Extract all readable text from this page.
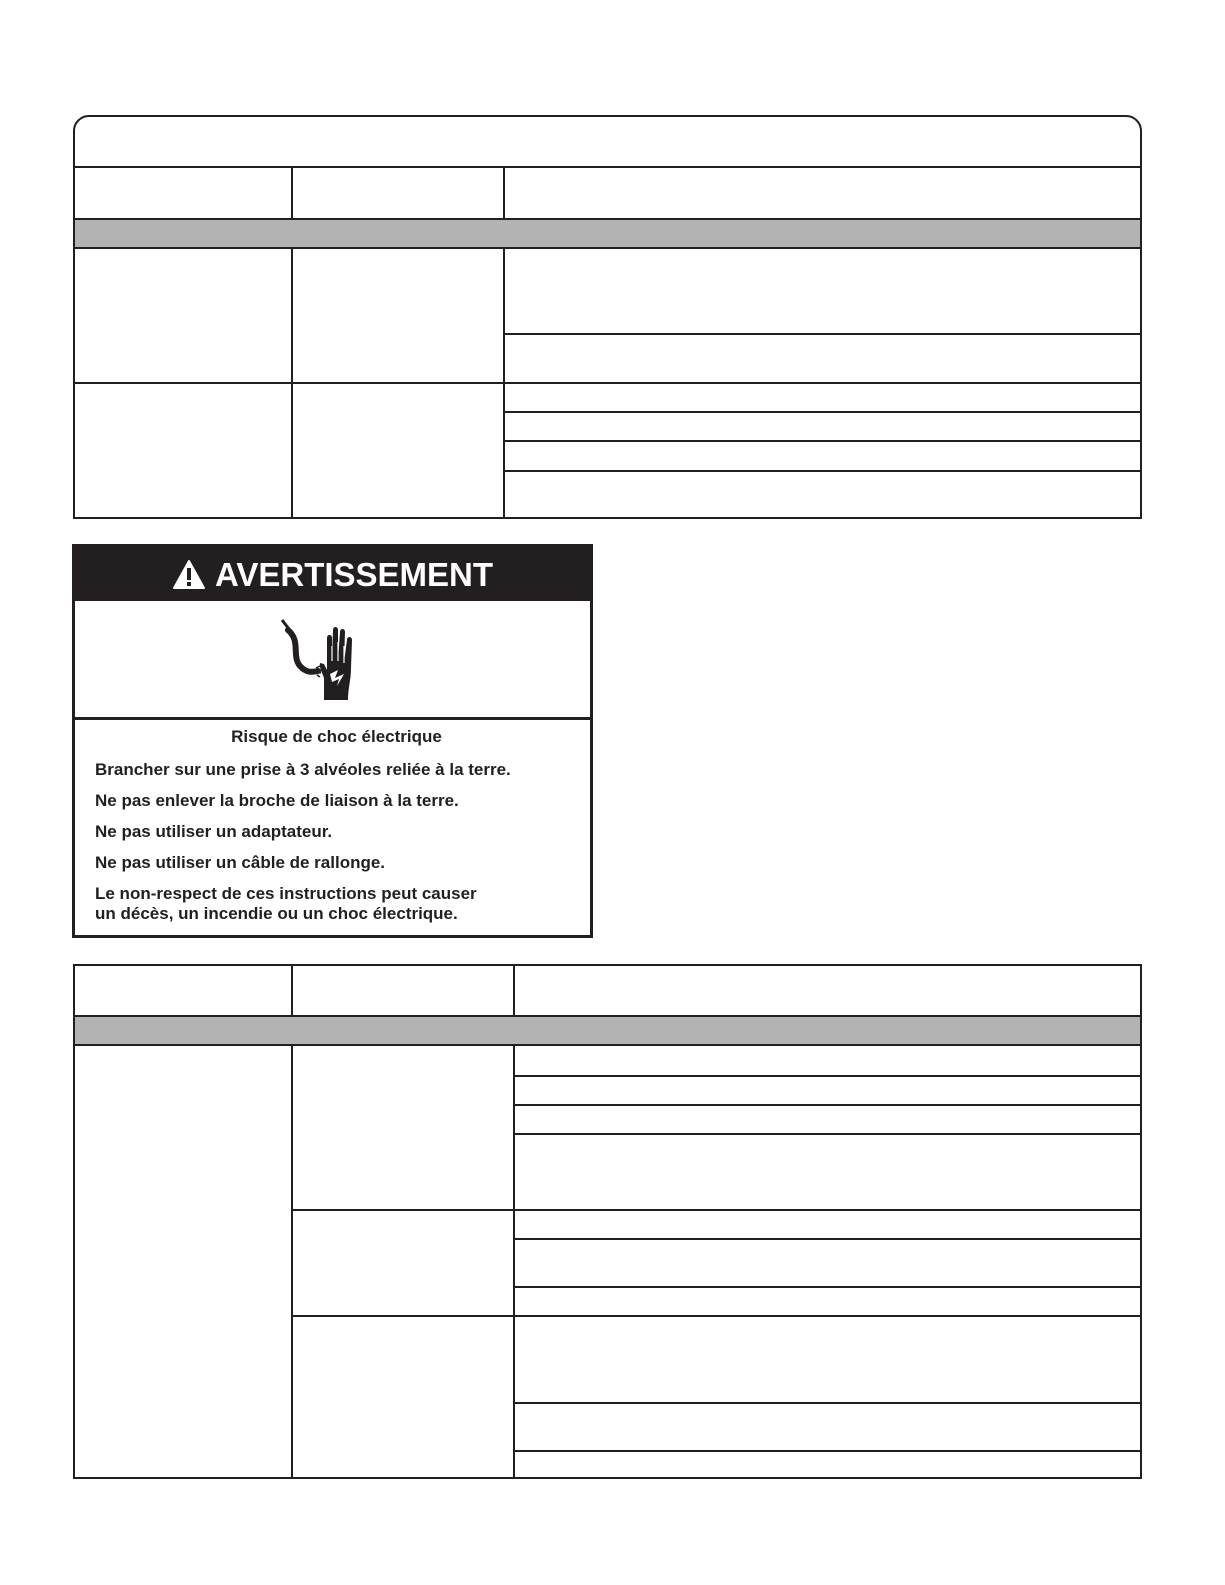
AVERTISSEMENT

Risque de choc électrique

Brancher sur une prise à 3 alvéoles reliée à la terre.

Ne pas enlever la broche de liaison à la terre.

Ne pas utiliser un adaptateur.

Ne pas utiliser un câble de rallonge.

Le non-respect de ces instructions peut causer

un décès, un incendie ou un choc électrique.
